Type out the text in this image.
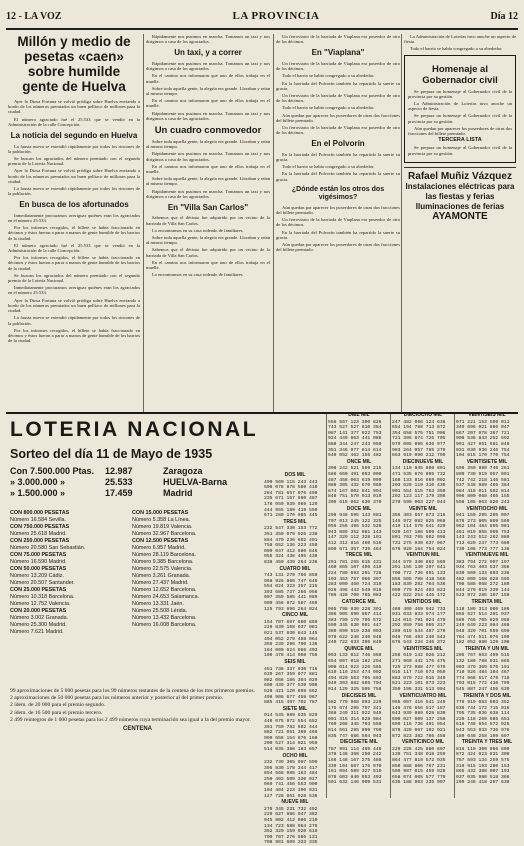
12 - LA VOZ	LA PROVINCIA	Día 12
Millón y medio de pesetas «caen» sobre humilde gente de Huelva

Ayer la Diosa Fortuna se volvió pródiga sobre Huelva enviando a bordo de los números premiados un buen pellizco de millones para la ciudad.

El número agraciado fué el 25.533 que se vendió en la Administración de la calle Concepción.

La noticia del segundo en Huelva

La fausta nueva se extendió rápidamente por todos los rincones de la población.

Se buscan los agraciados del número premiado con el segundo premio de la Lotería Nacional.

Ayer la Diosa Fortuna se volvió pródiga sobre Huelva enviando a bordo de los números premiados un buen pellizco de millones para la ciudad.

La fausta nueva se extendió rápidamente por todos los rincones de la población.

En busca de los afortunados

Inmediatamente procuramos averiguar quiénes eran los agraciados en el número 25.533.

Por los informes recogidos, el billete se había fraccionado en décimos y éstos fueron a parar a manos de gente humilde de los barrios de la ciudad.

El número agraciado fué el 25.533 que se vendió en la Administración de la calle Concepción.

Por los informes recogidos, el billete se había fraccionado en décimos y éstos fueron a parar a manos de gente humilde de los barrios de la ciudad.

Se buscan los agraciados del número premiado con el segundo premio de la Lotería Nacional.

Inmediatamente procuramos averiguar quiénes eran los agraciados en el número 25.533.

Ayer la Diosa Fortuna se volvió pródiga sobre Huelva enviando a bordo de los números premiados un buen pellizco de millones para la ciudad.

La fausta nueva se extendió rápidamente por todos los rincones de la población.

Por los informes recogidos, el billete se había fraccionado en décimos y éstos fueron a parar a manos de gente humilde de los barrios de la ciudad.

Rápidamente nos pusimos en marcha. Tomamos un taxi y nos dirigimos a casa de los agraciados.

Un taxi, y a correr

Rápidamente nos pusimos en marcha. Tomamos un taxi y nos dirigimos a casa de los agraciados.

En el camino nos informaron que uno de ellos trabaja en el muelle.

Sobre toda aquella gente, la alegría era grande. Lloraban y reían al mismo tiempo.

En el camino nos informaron que uno de ellos trabaja en el muelle.

Rápidamente nos pusimos en marcha. Tomamos un taxi y nos dirigimos a casa de los agraciados.

Un cuadro conmovedor

Sobre toda aquella gente, la alegría era grande. Lloraban y reían al mismo tiempo.

Rápidamente nos pusimos en marcha. Tomamos un taxi y nos dirigimos a casa de los agraciados.

En el camino nos informaron que uno de ellos trabaja en el muelle.

Sobre toda aquella gente, la alegría era grande. Lloraban y reían al mismo tiempo.

Rápidamente nos pusimos en marcha. Tomamos un taxi y nos dirigimos a casa de los agraciados.

En "Villa San Carlos"

Sabemos que el décimo fue adquirido por un vecino de la barriada de Villa San Carlos.

Lo encontramos en su casa rodeado de familiares.

Sobre toda aquella gente, la alegría era grande. Lloraban y reían al mismo tiempo.

Sabemos que el décimo fue adquirido por un vecino de la barriada de Villa San Carlos.

En el camino nos informaron que uno de ellos trabaja en el muelle.

Lo encontramos en su casa rodeado de familiares.

Un ferroviario de la barriada de Viaplana era poseedor de otro de los décimos.

En "Viaplana"

Un ferroviario de la barriada de Viaplana era poseedor de otro de los décimos.

Todo el barrio se había congregado a su alrededor.

En la barriada del Polvorín también ha repartido la suerte su gracia.

Un ferroviario de la barriada de Viaplana era poseedor de otro de los décimos.

Todo el barrio se había congregado a su alrededor.

Aún quedan por aparecer los poseedores de otras dos fracciones del billete premiado.

Un ferroviario de la barriada de Viaplana era poseedor de otro de los décimos.

En el Polvorín

En la barriada del Polvorín también ha repartido la suerte su gracia.

Todo el barrio se había congregado a su alrededor.

En la barriada del Polvorín también ha repartido la suerte su gracia.

¿Dónde están los otros dos vigésimos?

Aún quedan por aparecer los poseedores de otras dos fracciones del billete premiado.

Un ferroviario de la barriada de Viaplana era poseedor de otro de los décimos.

En la barriada del Polvorín también ha repartido la suerte su gracia.

Aún quedan por aparecer los poseedores de otras dos fracciones del billete premiado.

La Administración de Loterías tuvo anoche un aspecto de fiesta.

Todo el barrio se había congregado a su alrededor.

Homenaje al Gobernador civil

Se prepara un homenaje al Gobernador civil de la provincia por su gestión.

La Administración de Loterías tuvo anoche un aspecto de fiesta.

Se prepara un homenaje al Gobernador civil de la provincia por su gestión.

Aún quedan por aparecer los poseedores de otras dos fracciones del billete premiado.

TERCERA LISTA

Se prepara un homenaje al Gobernador civil de la provincia por su gestión.

Rafael Muñiz Vázquez
Instalaciones eléctricas para las fiestas y ferias
Iluminaciones de ferias
AYAMONTE
LOTERIA NACIONAL
Sorteo del día 11 de Mayo de 1935
Con 7.500.000 Ptas.	12.987	Zaragoza
» 3.000.000 »	25.533	HUELVA-Barna
» 1.500.000 »	17.459	Madrid
CON 800.000 PESETAS
Número 16.584 Sevilla.
CON 750.000 PESETAS
Número 25.618 Madrid.
CON 250.000 PESETAS
Número 20.580 San Sebastián.
CON 75.000 PESETAS
Número 16.590 Madrid.
CON 50.000 PESETAS
Número 13.209 Cádiz.
Número 20.507 Santander.
CON 25.000 PESETAS
Número 10.318 Barcelona.
Número 12.752 Valencia.
CON 20.000 PESETAS
Número 3.002 Granada.
Número 25.300 Madrid.
Número 7.621 Madrid.
CON 15.000 PESETAS
Número 5.358 La Línea.
Número 19.819 Valencia.
Número 32.967 Barcelona.
CON 12.500 PESETAS
Número 6.957 Madrid.
Número 28.119 Barcelona.
Número 9.385 Barcelona.
Número 22.575 Valencia.
Número 3.261 Granada.
Número 27.437 Madrid.
Número 12.652 Barcelona.
Número 24.653 Salamanca.
Número 13.331 Jaén.
Número 25.508 Lérida.
Número 13.432 Barcelona.
Número 16.008 Barcelona.
99 aproximaciones de 5 000 pesetas para los 99 números restantes de la centena de los tres primeros premios.
2 aproximaciones de 50 000 pesetas para los números anterior y posterior al del primer premio.
2 ídem. de 20 000 para el premio segundo.
2 ídem. de 16 500 para el premio tercero.
2 499 reintegros de 1 000 pesetas para los 2 499 números cuya terminación sea igual a la del premio mayor.
CENTENA
DOS MIL
490 560 115 243 443
506 078 878 589 410
284 781 657 076 498
235 671 157 560 487
176 050 939 969 120
444 955 189 419 550
671 280 170 985 445

TRES MIL
232 547 330 153 772
351 350 079 926 238
884 470 236 602 401
758 652 136 223 450
090 047 412 680 646
955 324 438 495 438
838 450 439 264 236

CUATRO MIL
743 131 270 766 858
968 926 860 747 640
554 024 323 357 215
393 685 737 266 956
007 359 585 441 089
990 456 872 587 469
125 793 896 264 024

CINCO MIL
154 707 697 660 869
229 830 168 037 081
021 537 830 843 145
494 052 279 488 064
355 230 296 790 136
164 000 624 086 403
109 478 414 008 756

SEIS MIL
451 738 337 930 716
639 267 359 077 881
082 068 186 304 029
600 439 377 539 906
528 421 120 898 662
498 906 677 458 967
885 415 497 702 787

SIETE MIL
914 545 989 635 829
440 075 972 554 652
391 750 782 502 444
882 721 051 369 466
990 658 154 676 168
200 527 314 021 959
514 035 388 183 657

OCHO MIL
232 739 305 907 599
395 830 178 344 417
894 568 085 163 484
250 402 509 330 027
060 741 456 553 900
104 404 223 390 031
127 728 851 028 536

NUEVE MIL
279 345 231 732 492
229 627 886 947 382
945 802 412 086 210
134 723 588 964 276
352 320 159 920 619
790 707 276 585 131
708 961 609 333 335

DIEZ MIL
556 567 123 390 826
743 527 527 610 384
087 141 377 922 753
924 449 863 441 086
888 344 247 243 050
351 346 977 814 614
540 052 462 156 482

ONCE MIL
308 242 521 569 215
586 660 491 093 000
487 458 003 619 099
088 305 432 670 960
874 167 002 841 994
848 751 570 913 019
309 615 062 630 370

DOCE MIL
298 948 595 143 681
707 013 245 122 325
056 256 496 532 528
943 089 352 081 143
147 329 112 328 101
412 312 816 460 516
890 671 357 739 464

TRECE MIL
251 781 255 615 431
460 865 107 496 419
224 780 693 201 728
103 453 757 066 397
283 000 450 724 319
028 496 443 549 016
786 428 700 765 083

CATORCE MIL
965 798 930 228 301
386 905 690 867 414
383 790 170 795 572
590 345 630 091 447
380 090 519 238 003
978 622 248 240 948
240 722 633 396 840

QUINCE MIL
093 133 012 746 868
654 007 018 182 294
998 014 023 226 565
610 119 253 474 092
494 029 563 705 693
949 303 882 665 704
014 129 325 505 758

DIECISEIS MIL
582 770 968 893 229
175 674 295 797 341
388 249 311 922 949
001 315 314 828 984
760 208 345 703 558
814 561 295 809 750
835 747 686 594 043

DIECISIETE MIL
787 991 114 469 440
378 148 360 250 242
166 148 167 275 488
339 104 687 176 070
161 094 589 327 510
078 603 840 953 403
501 632 146 909 531

DIECIOCHO MIL
247 482 066 124 636
654 194 788 713 872
354 658 575 751 906
721 396 874 725 705
979 005 095 636 977
983 264 057 785 279
663 919 096 212 799

DIECINUEVE MIL
134 119 845 808 801
471 535 676 095 732
160 133 816 669 002
203 620 119 310 430
901 554 515 763 350
292 123 117 179 398
270 590 003 227 944

VEINTE MIL
356 403 657 873 216
145 972 082 825 068
419 114 579 641 429
920 167 186 509 413
801 763 795 692 098
731 275 930 637 967
676 929 184 754 024

VEINTIUN MIL
344 579 340 862 569
291 155 140 297 641
708 772 736 691 133
856 505 798 418 566
183 839 292 704 536
099 779 924 403 823
422 622 254 445 172

VEINTIDOS MIL
488 409 469 942 733
931 033 833 974 177
124 015 791 024 470
292 950 756 095 317
289 619 544 487 279
046 766 493 240 543
676 543 234 246 372

VEINTITRES MIL
256 619 142 026 212
271 960 442 176 475
725 273 988 477 979
915 117 710 673 059
883 679 722 915 349
521 223 101 873 223
350 196 331 513 904

VEINTICUATRO MIL
965 007 416 541 249
148 476 656 517 187
643 939 089 628 830
600 027 609 137 258
690 116 736 491 954
878 429 067 102 921
872 823 382 786 458

VEINTICINCO MIL
229 226 425 880 607
139 751 348 018 259
864 477 819 572 935
850 888 806 767 231
509 987 015 459 928
658 074 005 577 770
635 188 963 235 907

VEINTISEIS MIL
071 221 153 509 011
340 696 021 886 047
667 207 978 367 721
908 536 843 252 592
991 427 951 581 849
031 030 936 246 754
104 015 170 770 754

VEINTISIETE MIL
696 350 880 746 261
809 739 919 957 091
742 742 218 146 581
537 548 889 465 364
084 418 011 582 814
906 800 068 465 155
598 105 063 820 243

VEINTIOCHO MIL
941 150 295 205 007
678 273 805 809 560
962 104 484 895 981
461 019 855 909 753
143 243 512 262 880
713 629 237 773 660
730 108 773 777 136

VEINTINUEVE MIL
383 794 272 907 197
934 763 403 537 366
830 500 133 893 238
482 009 168 828 595
708 588 068 272 180
844 279 019 339 144
523 972 285 107 158

TREINTA MIL
118 189 313 060 186
855 527 514 201 937
589 766 705 829 968
249 649 223 984 468
948 329 701 559 699
764 474 511 076 109
182 052 880 129 108

TREINTA Y UN MIL
205 767 663 499 515
132 180 788 931 665
003 479 369 576 191
710 926 484 104 467
774 968 617 479 718
793 015 772 410 799
545 887 247 456 639

TREINTA Y DOS MIL
776 919 083 803 352
636 744 172 715 016
795 735 036 638 114
220 118 269 985 651
616 748 654 572 925
543 553 933 736 976
189 648 258 109 697

TREINTA Y TRES MIL
816 110 300 066 609
872 424 023 831 308
767 593 134 259 575
319 915 193 280 153
865 432 388 007 193
037 035 980 518 366
209 246 418 297 638
